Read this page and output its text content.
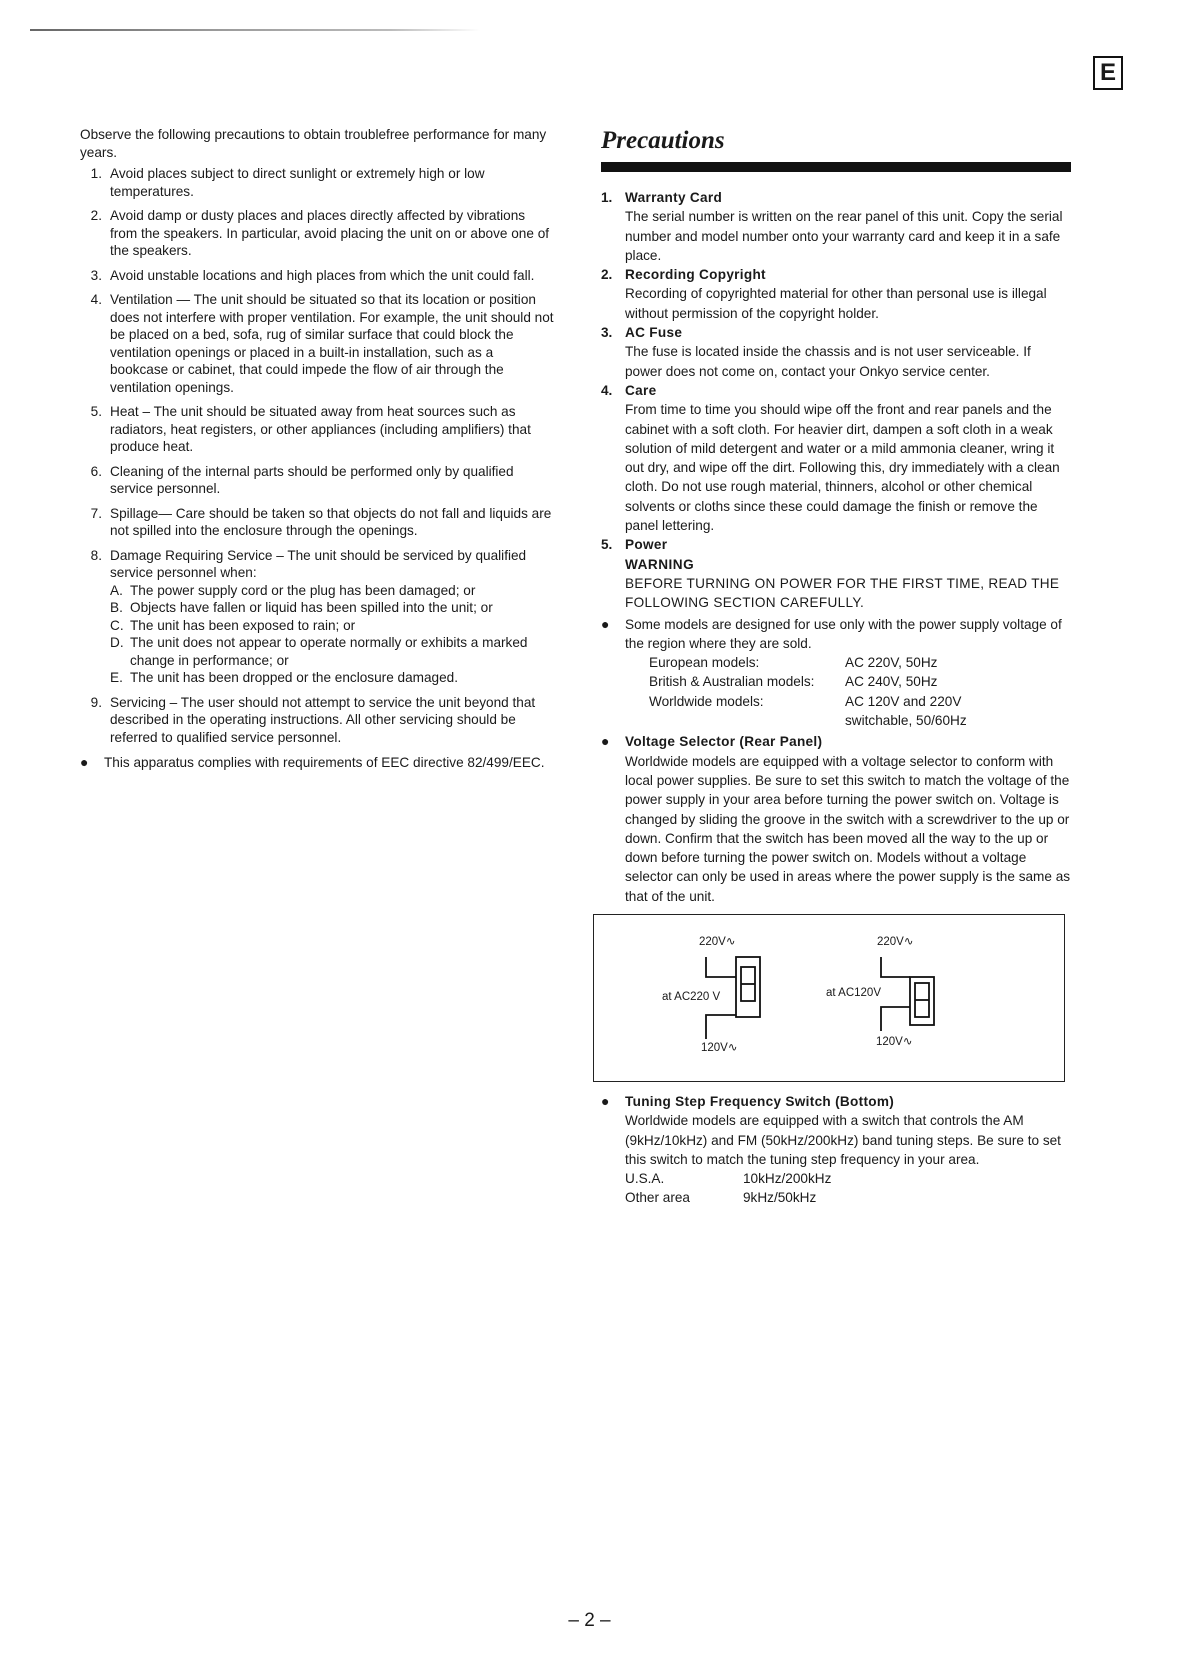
E

Observe the following precautions to obtain troublefree performance for many years.

1. Avoid places subject to direct sunlight or extremely high or low temperatures.
2. Avoid damp or dusty places and places directly affected by vibrations from the speakers. In particular, avoid placing the unit on or above one of the speakers.
3. Avoid unstable locations and high places from which the unit could fall.
4. Ventilation — The unit should be situated so that its location or position does not interfere with proper ventilation. For example, the unit should not be placed on a bed, sofa, rug of similar surface that could block the ventilation openings or placed in a built-in installation, such as a bookcase or cabinet, that could impede the flow of air through the ventilation openings.
5. Heat – The unit should be situated away from heat sources such as radiators, heat registers, or other appliances (including amplifiers) that produce heat.
6. Cleaning of the internal parts should be performed only by qualified service personnel.
7. Spillage— Care should be taken so that objects do not fall and liquids are not spilled into the enclosure through the openings.
8. Damage Requiring Service – The unit should be serviced by qualified service personnel when:
A. The power supply cord or the plug has been damaged; or
B. Objects have fallen or liquid has been spilled into the unit; or
C. The unit has been exposed to rain; or
D. The unit does not appear to operate normally or exhibits a marked change in performance; or
E. The unit has been dropped or the enclosure damaged.
9. Servicing – The user should not attempt to service the unit beyond that described in the operating instructions. All other servicing should be referred to qualified service personnel.
●	This apparatus complies with requirements of EEC directive 82/499/EEC.
Precautions
1. Warranty Card
The serial number is written on the rear panel of this unit. Copy the serial number and model number onto your warranty card and keep it in a safe place.
2. Recording Copyright
Recording of copyrighted material for other than personal use is illegal without permission of the copyright holder.
3. AC Fuse
The fuse is located inside the chassis and is not user serviceable. If power does not come on, contact your Onkyo service center.
4. Care
From time to time you should wipe off the front and rear panels and the cabinet with a soft cloth. For heavier dirt, dampen a soft cloth in a weak solution of mild detergent and water or a mild ammonia cleaner, wring it out dry, and wipe off the dirt. Following this, dry immediately with a clean cloth. Do not use rough material, thinners, alcohol or other chemical solvents or cloths since these could damage the finish or remove the panel lettering.
5. Power
WARNING
BEFORE TURNING ON POWER FOR THE FIRST TIME, READ THE FOLLOWING SECTION CAREFULLY.
●	Some models are designed for use only with the power supply voltage of the region where they are sold.
European models:	AC 220V, 50Hz
British & Australian models:	AC 240V, 50Hz
Worldwide models:	AC 120V and 220V
switchable, 50/60Hz
●	Voltage Selector (Rear Panel)
Worldwide models are equipped with a voltage selector to conform with local power supplies. Be sure to set this switch to match the voltage of the power supply in your area before turning the power switch on. Voltage is changed by sliding the groove in the switch with a screwdriver to the up or down. Confirm that the switch has been moved all the way to the up or down before turning the power switch on. Models without a voltage selector can only be used in areas where the power supply is the same as that of the unit.
220V∿
at AC220 V
120V∿
220V∿
at AC120V
120V∿
●	Tuning Step Frequency Switch (Bottom)
Worldwide models are equipped with a switch that controls the AM (9kHz/10kHz) and FM (50kHz/200kHz) band tuning steps. Be sure to set this switch to match the tuning step frequency in your area.
U.S.A.	10kHz/200kHz
Other area	9kHz/50kHz
– 2 –
